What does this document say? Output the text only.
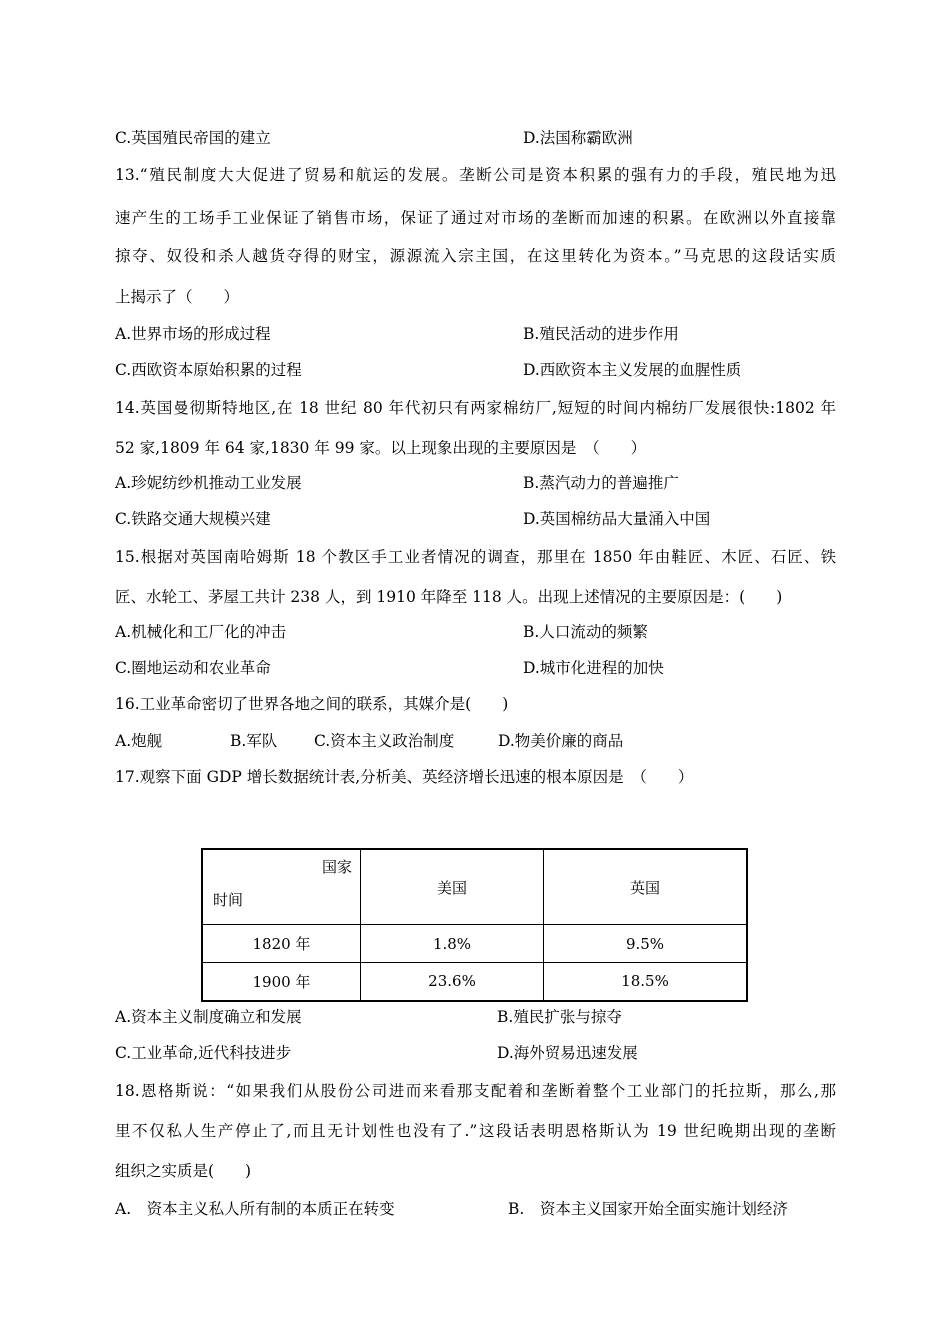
C.英国殖民帝国的建立	D.法国称霸欧洲
13.“殖民制度大大促进了贸易和航运的发展。垄断公司是资本积累的强有力的手段，殖民地为迅
速产生的工场手工业保证了销售市场，保证了通过对市场的垄断而加速的积累。在欧洲以外直接靠
掠夺、奴役和杀人越货夺得的财宝，源源流入宗主国，在这里转化为资本。”马克思的这段话实质
上揭示了（　　）
A.世界市场的形成过程	B.殖民活动的进步作用
C.西欧资本原始积累的过程	D.西欧资本主义发展的血腥性质
14.英国曼彻斯特地区,在 18 世纪 80 年代初只有两家棉纺厂,短短的时间内棉纺厂发展很快:1802 年
52 家,1809 年 64 家,1830 年 99 家。以上现象出现的主要原因是　（　　）
A.珍妮纺纱机推动工业发展	B.蒸汽动力的普遍推广
C.铁路交通大规模兴建	D.英国棉纺品大量涌入中国
15.根据对英国南哈姆斯 18 个教区手工业者情况的调查，那里在 1850 年由鞋匠、木匠、石匠、铁
匠、水轮工、茅屋工共计 238 人，到 1910 年降至 118 人。出现上述情况的主要原因是：(　　)
A.机械化和工厂化的冲击	B.人口流动的频繁
C.圈地运动和农业革命	D.城市化进程的加快
16.工业革命密切了世界各地之间的联系，其媒介是(　　)
A.炮舰	B.军队 C.资本主义政治制度	D.物美价廉的商品
17.观察下面 GDP 增长数据统计表,分析美、英经济增长迅速的根本原因是　（　　）
国家
时间	美国	英国
1820 年	1.8%	9.5%
1900 年	23.6%	18.5%
A.资本主义制度确立和发展	B.殖民扩张与掠夺
C.工业革命,近代科技进步	D.海外贸易迅速发展
18.恩格斯说：“如果我们从股份公司进而来看那支配着和垄断着整个工业部门的托拉斯，那么,那
里不仅私人生产停止了,而且无计划性也没有了.”这段话表明恩格斯认为 19 世纪晚期出现的垄断
组织之实质是(　　)
A.　资本主义私人所有制的本质正在转变	B.　资本主义国家开始全面实施计划经济
